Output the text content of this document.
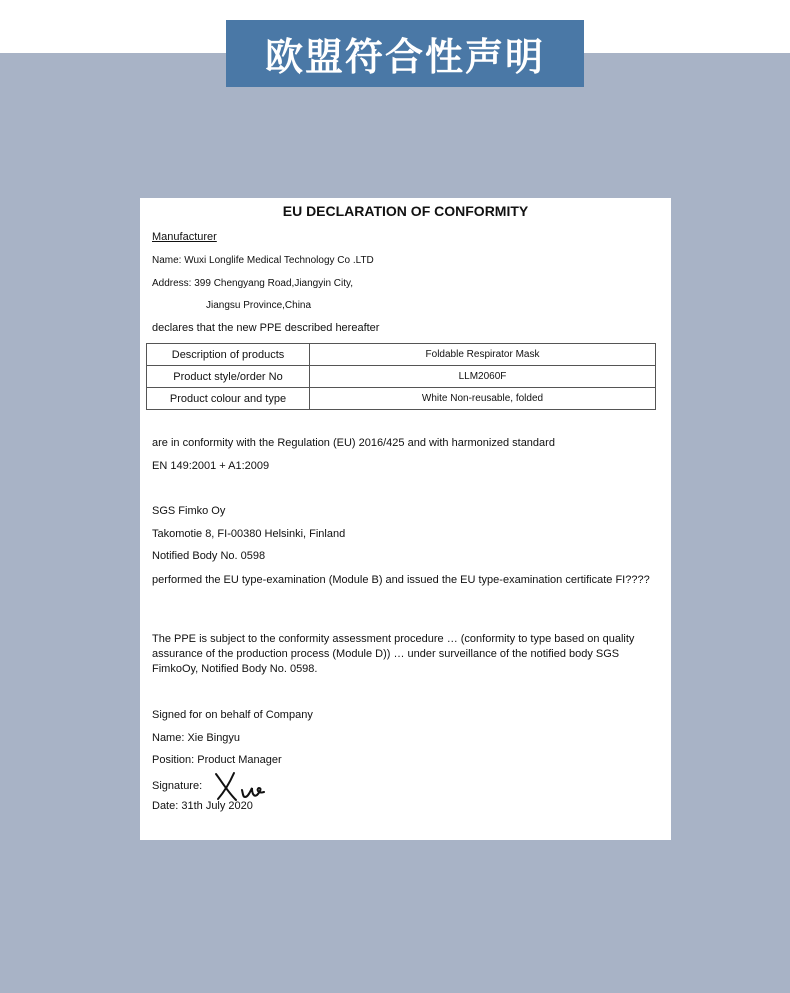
欧盟符合性声明
EU DECLARATION OF CONFORMITY
Manufacturer
Name: Wuxi Longlife Medical Technology Co .LTD
Address: 399 Chengyang Road,Jiangyin City,
Jiangsu Province,China
declares that the new PPE described hereafter
Description of products	Foldable Respirator Mask
Product style/order No	LLM2060F
Product colour and type	White Non-reusable, folded
are in conformity with the Regulation (EU) 2016/425 and with harmonized standard
EN 149:2001 + A1:2009
SGS Fimko Oy
Takomotie 8, FI-00380 Helsinki, Finland
Notified Body No. 0598
performed the EU type-examination (Module B) and issued the EU type-examination certificate FI????
The PPE is subject to the conformity assessment procedure … (conformity to type based on quality assurance of the production process (Module D)) … under surveillance of the notified body SGS FimkoOy, Notified Body No. 0598.
Signed for on behalf of Company
Name: Xie Bingyu
Position: Product Manager
Signature:
Date: 31th July 2020
